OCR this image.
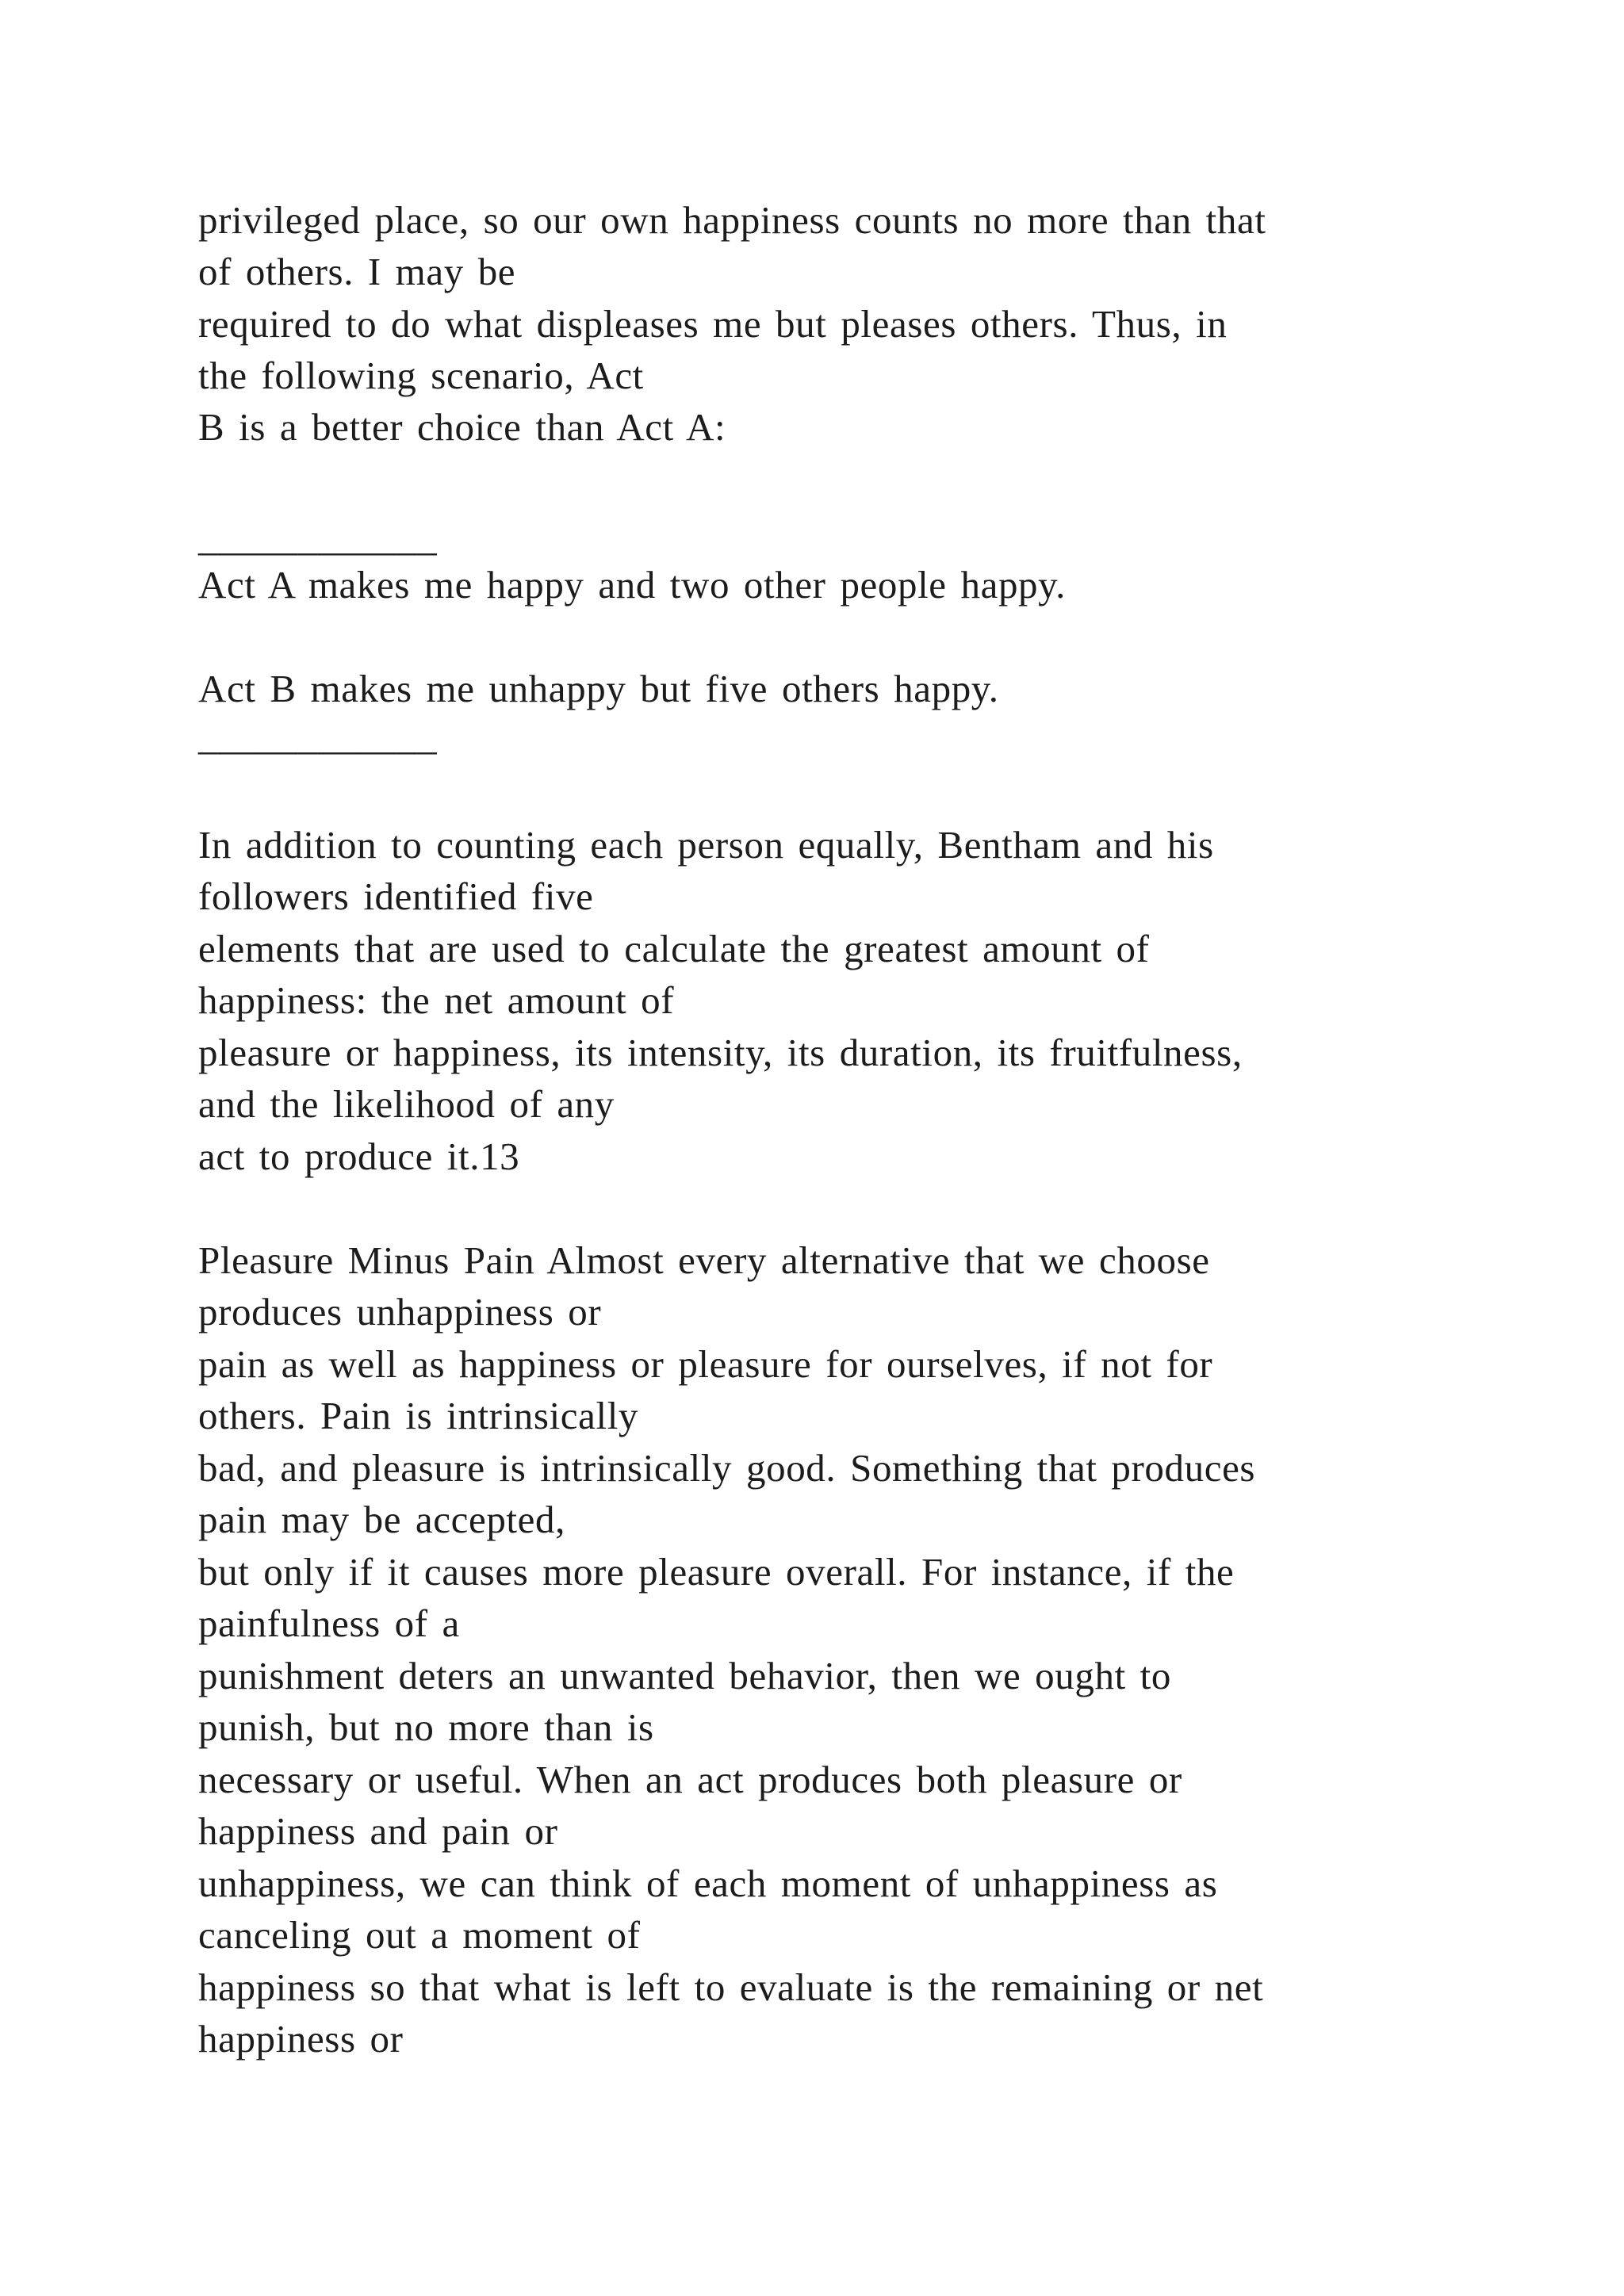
privileged place, so our own happiness counts no more than that
of others. I may be
required to do what displeases me but pleases others. Thus, in
the following scenario, Act
B is a better choice than Act A:
____________
Act A makes me happy and two other people happy.
Act B makes me unhappy but five others happy.
____________
In addition to counting each person equally, Bentham and his
followers identified five
elements that are used to calculate the greatest amount of
happiness: the net amount of
pleasure or happiness, its intensity, its duration, its fruitfulness,
and the likelihood of any
act to produce it.13
Pleasure Minus Pain Almost every alternative that we choose
produces unhappiness or
pain as well as happiness or pleasure for ourselves, if not for
others. Pain is intrinsically
bad, and pleasure is intrinsically good. Something that produces
pain may be accepted,
but only if it causes more pleasure overall. For instance, if the
painfulness of a
punishment deters an unwanted behavior, then we ought to
punish, but no more than is
necessary or useful. When an act produces both pleasure or
happiness and pain or
unhappiness, we can think of each moment of unhappiness as
canceling out a moment of
happiness so that what is left to evaluate is the remaining or net
happiness or
